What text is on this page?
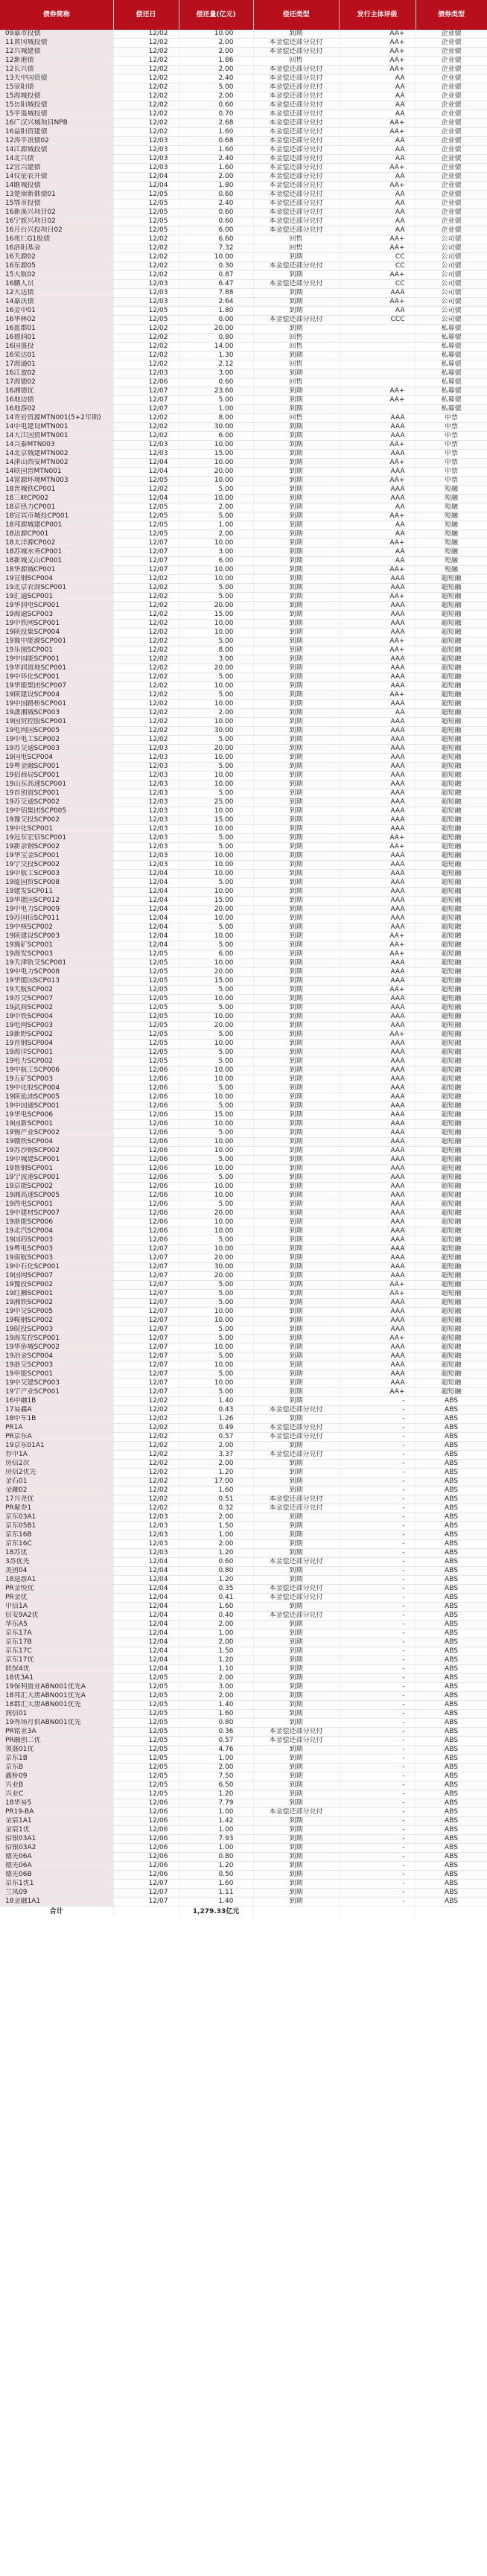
债券简称	偿还日	偿还量(亿元)	偿还类型	发行主体评级	债券类型
09嘉市投债	12/02	10.00	到期	AA+	企业债
11黄冈城投债	12/02	2.00	本金偿还部分兑付	AA+	企业债
12兴城建债	12/02	2.00	本金偿还部分兑付	AA+	企业债
12新港债	12/02	1.86	回售	AA+	企业债
12长兴债	12/02	2.00	本金偿还部分兑付	AA+	企业债
13天中国资债	12/02	2.40	本金偿还部分兑付	AA	企业债
15荥阳债	12/02	5.00	本金偿还部分兑付	AA	企业债
15海城投债	12/02	2.00	本金偿还部分兑付	AA	企业债
15岳阳城投债	12/02	0.60	本金偿还部分兑付	AA	企业债
15平遥城投债	12/02	0.70	本金偿还部分兑付	AA	企业债
16广汉兴城项目NPB	12/02	2.68	本金偿还部分兑付	AA+	企业债
16益阳资建债	12/02	1.60	本金偿还部分兑付	AA+	企业债
12涛平浪债02	12/03	0.68	本金偿还部分兑付	AA	企业债
14江源城投债	12/03	1.60	本金偿还部分兑付	AA	企业债
14北兴债	12/03	2.40	本金偿还部分兑付	AA	企业债
12宜兴建债	12/03	1.60	本金偿还部分兑付	AA+	企业债
14仪征农开债	12/04	2.00	本金偿还部分兑付	AA	企业债
14睢城投债	12/04	1.80	本金偿还部分兑付	AA+	企业债
13楚南新都债01	12/05	0.60	本金偿还部分兑付	AA	企业债
15鄂市投债	12/05	2.40	本金偿还部分兑付	AA	企业债
16新溪兴项目02	12/05	0.60	本金偿还部分兑付	AA	企业债
16宁旅兴项目02	12/05	0.60	本金偿还部分兑付	AA	企业债
16月台兴投项目02	12/05	6.00	本金偿还部分兑付	AA	企业债
16兆仁G1股债	12/02	6.60	回售	AA+	公司债
16洛阳基金	12/02	7.32	回售	AA+	公司债
16天源02	12/02	10.00	到期	CC	公司债
16东源05	12/02	0.30	本金偿还部分兑付	CC	公司债
15大航02	12/02	0.87	到期	AA+	公司债
16鹏人员	12/03	6.47	本金偿还部分兑付	CC	公司债
12大达债	12/03	7.88	到期	AAA	公司债
14嘉沃债	12/03	2.64	到期	AA+	公司债
16金中01	12/05	1.80	到期	AA	公司债
16华林02	12/05	0.00	本金偿还部分兑付	CCC	公司债
16蓝郡01	12/02	20.00	到期		私募债
16德润01	12/02	0.80	回售		私募债
16国盛投	12/02	14.00	回售		私募债
16荣达01	12/02	1.30	到期		私募债
17海通01	12/02	2.12	回售		私募债
16江盈02	12/03	3.00	到期		私募债
17海德02	12/06	0.60	回售		私募债
16湘德优	12/07	23.60	到期	AA+	私募债
16地边债	12/07	5.00	到期	AA+	私募债
16地游02	12/07	1.00	到期		私募债
14青岩资源MTN001(5+2年期)	12/02	8.00	回售	AAA	中票
14中电建设MTN001	12/02	30.00	到期	AAA	中票
14大江国资MTN001	12/02	6.00	到期	AAA	中票
14兴泰MTN003	12/03	10.00	到期	AA+	中票
14北京城建MTN002	12/03	15.00	到期	AAA	中票
14津山西安MTN002	12/04	10.00	到期	AA+	中票
14联国晋MTN001	12/04	20.00	到期	AAA	中票
14富源环境MTN003	12/05	10.00	到期	AA+	中票
18晋城铁CP001	12/02	5.00	到期	AAA	短融
18三峡CP002	12/04	10.00	到期	AAA	短融
18京热力CP001	12/05	2.00	到期	AA	短融
18宜宾市城投CP001	12/05	5.00	到期	AA+	短融
18邦源城建CP001	12/05	1.00	到期	AA	短融
18达源CP001	12/05	2.00	到期	AA	短融
18太洋源CP002	12/07	10.00	到期	AA+	短融
18苏城水务CP001	12/07	3.00	到期	AA	短融
18新城义山CP001	12/07	6.00	到期	AA	短融
18华源城CP001	12/07	10.00	到期	AA+	短融
19宣钢SCP004	12/02	10.00	到期	AAA	超短融
19北京农商SCP001	12/02	5.00	到期	AAA	超短融
19汇通SCP001	12/02	5.00	到期	AA+	超短融
19华润电SCP001	12/02	20.00	到期	AAA	超短融
19海通SCP003	12/02	15.00	到期	AAA	超短融
19中铁网SCP001	12/02	10.00	到期	AAA	超短融
19陕投集SCP004	12/02	10.00	到期	AAA	超短融
19冀中能源SCP001	12/02	5.00	到期	AA+	超短融
19乐图SCP001	12/02	8.00	到期	AA+	超短融
19中国能SCP001	12/02	3.00	到期	AAA	超短融
19华润置地SCP001	12/02	20.00	到期	AAA	超短融
19中环化SCP001	12/02	5.00	到期	AAA	超短融
19华能集团SCP007	12/02	10.00	到期	AAA	超短融
19陕建设SCP004	12/02	5.00	到期	AA+	超短融
19中国路桥SCP001	12/02	10.00	到期	AAA	超短融
19潇湘城SCP003	12/02	2.00	到期	AA	超短融
19国贸控股SCP001	12/02	10.00	到期	AAA	超短融
19电网国SCP005	12/02	30.00	到期	AAA	超短融
19中电工SCP002	12/02	5.00	到期	AAA	超短融
19苏交通SCP003	12/03	20.00	到期	AAA	超短融
19国电SCP004	12/03	10.00	到期	AAA	超短融
19粤金融SCP001	12/03	5.00	到期	AAA	超短融
19招商局SCP001	12/03	10.00	到期	AAA	超短融
19山东高速SCP001	12/03	10.00	到期	AAA	超短融
19首创置SCP001	12/03	5.00	到期	AAA	超短融
19苏交通SCP002	12/03	25.00	到期	AAA	超短融
19中铝集团SCP005	12/03	10.00	到期	AAA	超短融
19豫交投SCP002	12/03	15.00	到期	AAA	超短融
19中化SCP001	12/03	10.00	到期	AAA	超短融
19远东宏信SCP001	12/03	5.00	到期	AA+	超短融
19新余钢SCP002	12/03	5.00	到期	AA+	超短融
19华宝金SCP001	12/03	10.00	到期	AAA	超短融
19宁交投SCP002	12/03	10.00	到期	AAA	超短融
19中航工SCP003	12/04	10.00	到期	AAA	超短融
19厦国贸SCP008	12/04	5.00	到期	AAA	超短融
19建发SCP011	12/04	10.00	到期	AAA	超短融
19华能国SCP012	12/04	15.00	到期	AAA	超短融
19中电力SCP009	12/04	20.00	到期	AAA	超短融
19苏国信SCP011	12/04	10.00	到期	AAA	超短融
19中核SCP002	12/04	5.00	到期	AAA	超短融
19陕建设SCP003	12/04	10.00	到期	AA+	超短融
19冀矿SCP001	12/04	5.00	到期	AA+	超短融
19海发SCP003	12/05	6.00	到期	AA+	超短融
19天津轨交SCP001	12/05	10.00	到期	AAA	超短融
19中电力SCP008	12/05	20.00	到期	AAA	超短融
19华能国SCP013	12/05	15.00	到期	AAA	超短融
19天航SCP002	12/05	5.00	到期	AA+	超短融
19苏交SCP007	12/05	10.00	到期	AAA	超短融
19武商SCP002	12/05	5.00	到期	AAA	超短融
19中铁SCP004	12/05	10.00	到期	AAA	超短融
19电网SCP003	12/05	20.00	到期	AAA	超短融
19新野SCP002	12/05	5.00	到期	AA+	超短融
19首钢SCP004	12/05	10.00	到期	AAA	超短融
19海洋SCP001	12/05	5.00	到期	AAA	超短融
19电力SCP002	12/05	5.00	到期	AAA	超短融
19中航工SCP006	12/06	10.00	到期	AAA	超短融
19五矿SCP003	12/06	10.00	到期	AAA	超短融
19中化股SCP004	12/06	5.00	到期	AAA	超短融
19陕延油SCP005	12/06	10.00	到期	AAA	超短融
19中国通SCP001	12/06	5.00	到期	AAA	超短融
19华电SCP006	12/06	15.00	到期	AAA	超短融
19国新SCP001	12/06	10.00	到期	AAA	超短融
19锡产业SCP002	12/06	5.00	到期	AAA	超短融
19赣铁SCP004	12/06	10.00	到期	AAA	超短融
19苏沙钢SCP002	12/06	10.00	到期	AAA	超短融
19中城建SCP001	12/06	5.00	到期	AAA	超短融
19鲁钢SCP001	12/06	10.00	到期	AAA	超短融
19宁波港SCP001	12/06	5.00	到期	AAA	超短融
19京能SCP002	12/06	10.00	到期	AAA	超短融
19湘高速SCP005	12/06	10.00	到期	AAA	超短融
19西电SCP001	12/06	5.00	到期	AAA	超短融
19中建材SCP007	12/06	20.00	到期	AAA	超短融
19浙能SCP006	12/06	10.00	到期	AAA	超短融
19北汽SCP004	12/06	10.00	到期	AAA	超短融
19国药SCP003	12/06	5.00	到期	AAA	超短融
19粤电SCP003	12/07	10.00	到期	AAA	超短融
19南航SCP003	12/07	20.00	到期	AAA	超短融
19中石化SCP001	12/07	30.00	到期	AAA	超短融
19国网SCP007	12/07	20.00	到期	AAA	超短融
19豫投SCP002	12/07	5.00	到期	AA+	超短融
19红狮SCP001	12/07	5.00	到期	AA+	超短融
19湘铁SCP002	12/07	5.00	到期	AAA	超短融
19中交SCP005	12/07	10.00	到期	AAA	超短融
19鞍钢SCP002	12/07	10.00	到期	AAA	超短融
19皖投SCP003	12/07	5.00	到期	AAA	超短融
19海发控SCP001	12/07	5.00	到期	AA+	超短融
19华侨城SCP002	12/07	10.00	到期	AAA	超短融
19冶金SCP004	12/07	5.00	到期	AAA	超短融
19浙交SCP003	12/07	10.00	到期	AAA	超短融
19申能SCP001	12/07	5.00	到期	AAA	超短融
19中交建SCP003	12/07	10.00	到期	AAA	超短融
19宁产业SCP001	12/07	5.00	到期	AA+	超短融
16中融1B	12/02	1.40	到期	-	ABS
17易鑫A	12/02	0.43	本金偿还部分兑付	-	ABS
18中车1B	12/02	1.26	到期	-	ABS
PR1A	12/02	0.49	本金偿还部分兑付	-	ABS
PR京东A	12/02	0.57	本金偿还部分兑付	-	ABS
19京东01A1	12/02	2.00	到期	-	ABS
券中1A	12/02	3.37	本金偿还部分兑付	-	ABS
房信2次	12/02	2.00	到期	-	ABS
房信2优先	12/02	1.20	到期	-	ABS
金石01	12/02	17.00	到期	-	ABS
金融02	12/02	1.60	到期	-	ABS
17兴尧优	12/02	0.51	本金偿还部分兑付	-	ABS
PR聚券1	12/02	0.32	本金偿还部分兑付	-	ABS
京东03A1	12/03	2.00	到期	-	ABS
京东05B1	12/03	1.50	到期	-	ABS
京东16B	12/03	1.00	到期	-	ABS
京东16C	12/03	2.00	到期	-	ABS
18苏优	12/03	1.20	到期	-	ABS
3苏优先	12/04	0.60	本金偿还部分兑付	-	ABS
美团04	12/04	0.80	到期	-	ABS
18途游A1	12/04	1.20	到期	-	ABS
PR金悦优	12/04	0.35	本金偿还部分兑付	-	ABS
PR金优	12/04	0.41	本金偿还部分兑付	-	ABS
中信1A	12/04	1.60	到期	-	ABS
信安9A2优	12/04	0.40	本金偿还部分兑付	-	ABS
华东A5	12/04	2.00	到期	-	ABS
京东17A	12/04	1.00	到期	-	ABS
京东17B	12/04	2.00	到期	-	ABS
京东17C	12/04	1.50	到期	-	ABS
京东17优	12/04	1.20	到期	-	ABS
联保4优	12/04	1.10	到期	-	ABS
18优3A1	12/05	2.00	到期	-	ABS
19保利置业ABN001优先A	12/05	3.00	到期	-	ABS
18邦汇大唐ABN001优先A	12/05	2.00	到期	-	ABS
18郡汇大唐ABN001优先	12/05	1.40	到期	-	ABS
润信01	12/05	1.60	到期	-	ABS
19秀场月供ABN001优先	12/05	0.80	到期	-	ABS
PR铭业3A	12/05	0.36	本金偿还部分兑付	-	ABS
PR融创二优	12/05	0.57	本金偿还部分兑付	-	ABS
领盛01优	12/05	4.76	到期	-	ABS
京东1B	12/05	1.00	到期	-	ABS
京东B	12/05	2.00	到期	-	ABS
鑫桥09	12/05	7.50	到期	-	ABS
兴业B	12/05	6.50	到期	-	ABS
兴业C	12/05	1.20	到期	-	ABS
18华易5	12/06	7.79	到期	-	ABS
PR19-BA	12/06	1.00	本金偿还部分兑付	-	ABS
金宸1A1	12/06	1.42	到期	-	ABS
金宸1优	12/06	1.00	到期	-	ABS
招银03A1	12/06	7.93	到期	-	ABS
招银03A2	12/06	1.00	到期	-	ABS
德先06A	12/06	0.80	到期	-	ABS
德先06A	12/06	1.20	到期	-	ABS
德先06B	12/06	0.50	到期	-	ABS
京东1优1	12/07	1.60	到期	-	ABS
兰凤09	12/07	1.11	到期	-	ABS
18金融1A1	12/07	1.40	到期	-	ABS
合计		1,279.33亿元			
